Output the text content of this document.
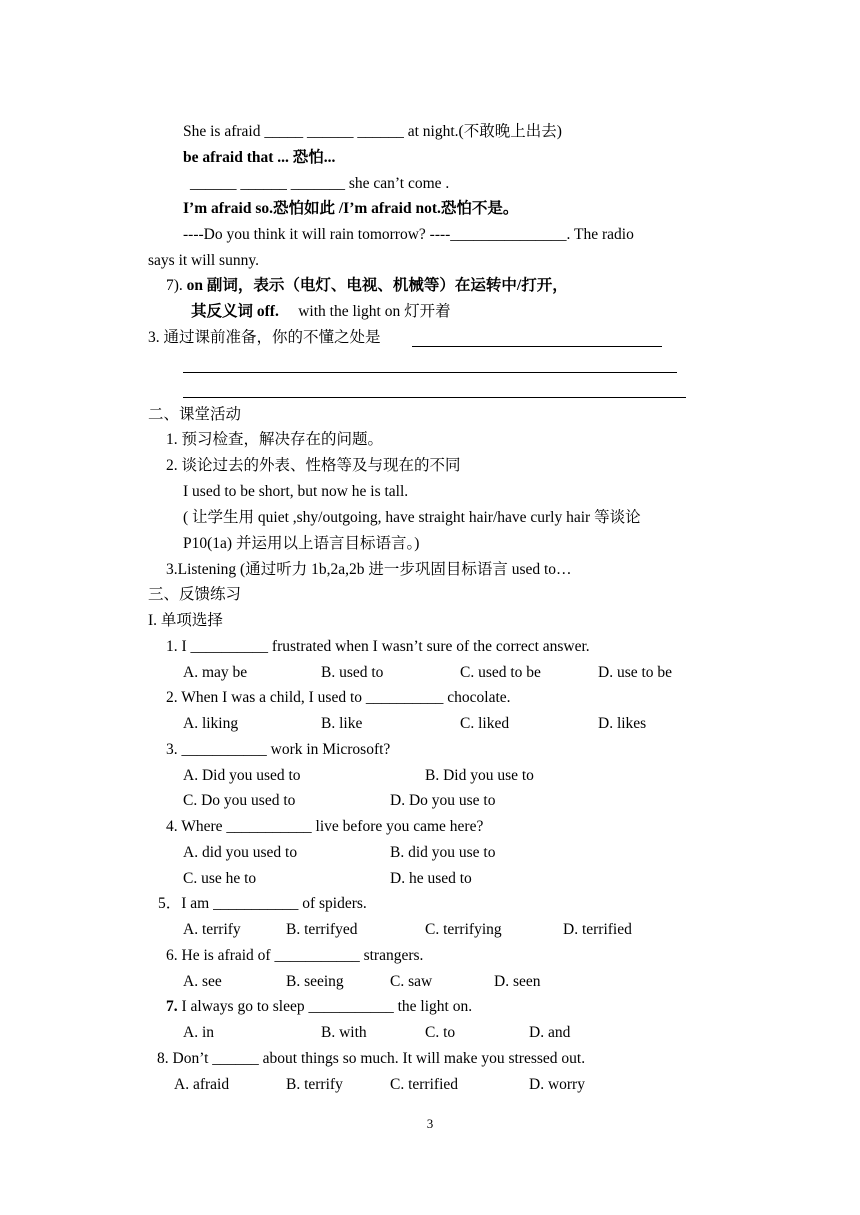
She is afraid _____ ______ ______ at night.(不敢晚上出去)
be afraid that ... 恐怕...
______ ______ _______ she can’t come .
I’m afraid so.恐怕如此 /I’m afraid not.恐怕不是。
----Do you think it will rain tomorrow? ----_______________. The radio
says it will sunny.
7). on 副词，表示（电灯、电视、机械等）在运转中/打开，
其反义词 off. with the light on 灯开着
3. 通过课前准备，你的不懂之处是
二、课堂活动
1. 预习检查，解决存在的问题。
2. 谈论过去的外表、性格等及与现在的不同
I used to be short, but now he is tall.
( 让学生用 quiet ,shy/outgoing, have straight hair/have curly hair 等谈论
P10(1a) 并运用以上语言目标语言。)
3.Listening (通过听力 1b,2a,2b 进一步巩固目标语言 used to…
三、反馈练习
I. 单项选择
1. I __________ frustrated when I wasn’t sure of the correct answer.
A. may be	B. used to	C. used to be	D. use to be
2. When I was a child, I used to __________ chocolate.
A. liking	B. like	C. liked	D. likes
3. ___________ work in Microsoft?
A. Did you used to	B. Did you use to
C. Do you used to	D. Do you use to
4. Where ___________ live before you came here?
A. did you used to	B. did you use to
C. use he to	D. he used to
5．I am ___________ of spiders.
A. terrify	B. terrifyed	C. terrifying	D. terrified
6. He is afraid of ___________ strangers.
A. see	B. seeing	C. saw	D. seen
7. I always go to sleep ___________ the light on.
A. in	B. with	C. to	D. and
8. Don’t ______ about things so much. It will make you stressed out.
A. afraid	B. terrify	C. terrified	D. worry
3
